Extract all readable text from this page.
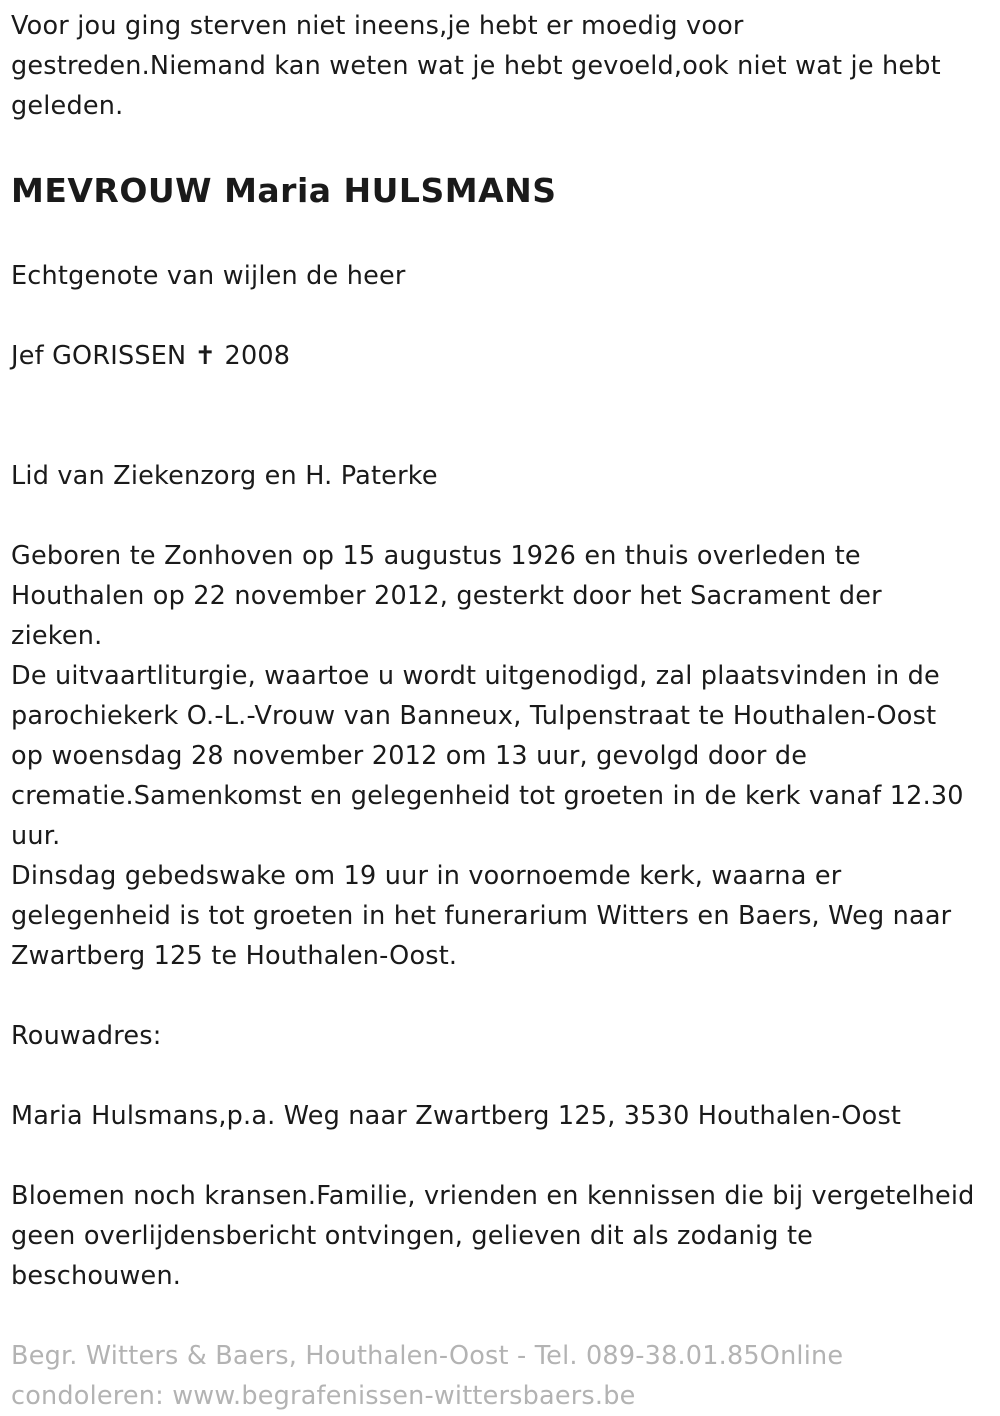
Voor jou ging sterven niet ineens,je hebt er moedig voor
gestreden.Niemand kan weten wat je hebt gevoeld,ook niet wat je hebt
geleden.

MEVROUW Maria HULSMANS

Echtgenote van wijlen de heer

Jef GORISSEN ✝ 2008

Lid van Ziekenzorg en H. Paterke

Geboren te Zonhoven op 15 augustus 1926 en thuis overleden te
Houthalen op 22 november 2012, gesterkt door het Sacrament der
zieken.
De uitvaartliturgie, waartoe u wordt uitgenodigd, zal plaatsvinden in de
parochiekerk O.-L.-Vrouw van Banneux, Tulpenstraat te Houthalen-Oost
op woensdag 28 november 2012 om 13 uur, gevolgd door de
crematie.Samenkomst en gelegenheid tot groeten in de kerk vanaf 12.30
uur.
Dinsdag gebedswake om 19 uur in voornoemde kerk, waarna er
gelegenheid is tot groeten in het funerarium Witters en Baers, Weg naar
Zwartberg 125 te Houthalen-Oost.

Rouwadres:

Maria Hulsmans,p.a. Weg naar Zwartberg 125, 3530 Houthalen-Oost

Bloemen noch kransen.Familie, vrienden en kennissen die bij vergetelheid
geen overlijdensbericht ontvingen, gelieven dit als zodanig te
beschouwen.

Begr. Witters & Baers, Houthalen-Oost - Tel. 089-38.01.85Online condoleren: www.begrafenissen-wittersbaers.be
